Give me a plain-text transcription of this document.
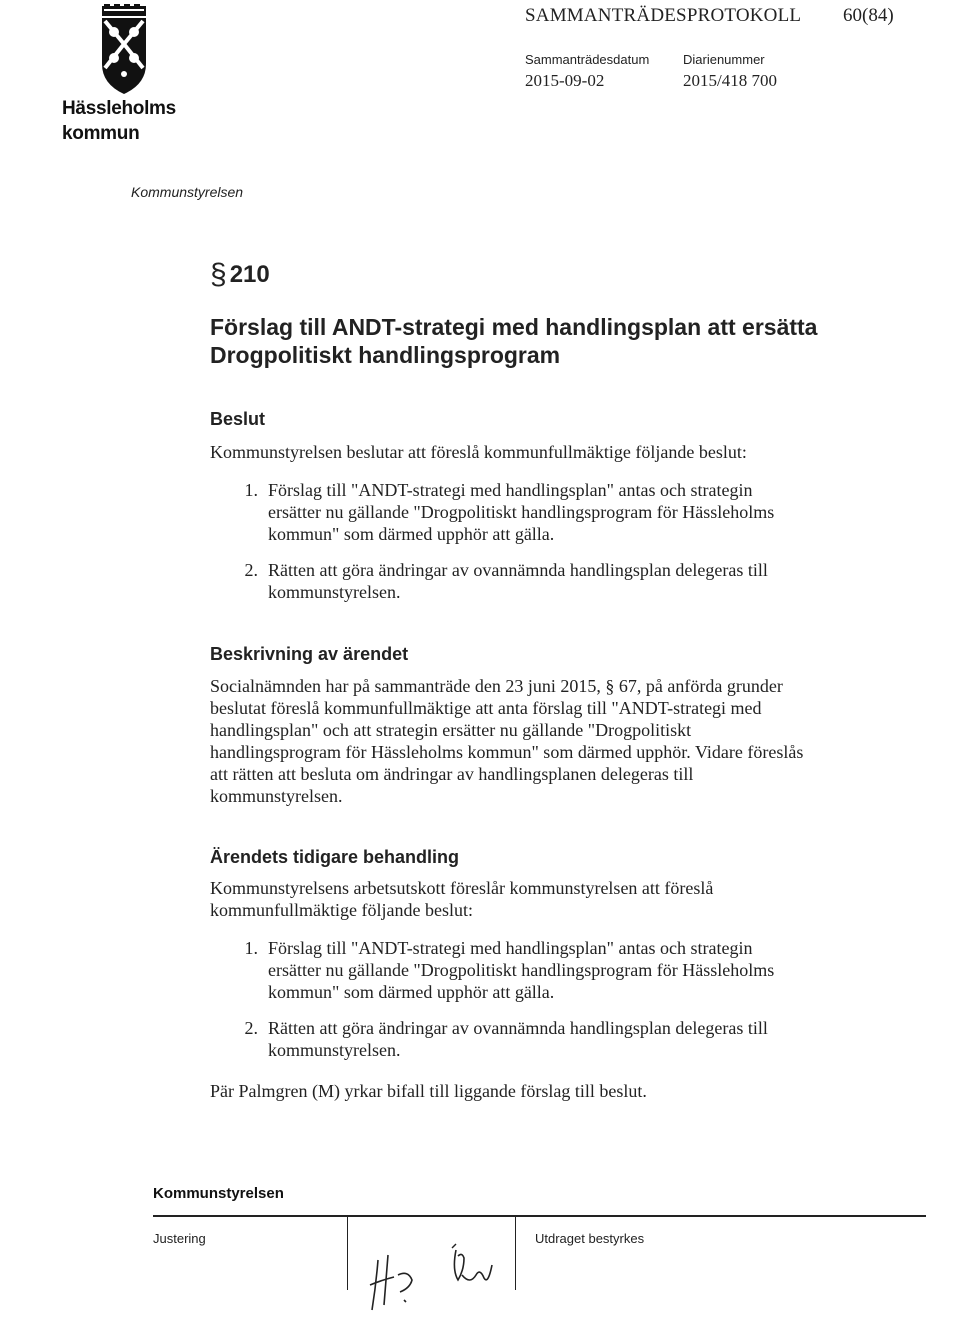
Hässleholms
kommun
SAMMANTRÄDESPROTOKOLL 60(84)
Sammanträdesdatum
2015-09-02
Diarienummer
2015/418 700
Kommunstyrelsen
§ 210
Förslag till ANDT-strategi med handlingsplan att ersätta Drogpolitiskt handlingsprogram
Beslut
Kommunstyrelsen beslutar att föreslå kommunfullmäktige följande beslut:
1. Förslag till "ANDT-strategi med handlingsplan" antas och strategin ersätter nu gällande "Drogpolitiskt handlingsprogram för Hässleholms kommun" som därmed upphör att gälla.
2. Rätten att göra ändringar av ovannämnda handlingsplan delegeras till kommunstyrelsen.
Beskrivning av ärendet
Socialnämnden har på sammanträde den 23 juni 2015, § 67, på anförda grunder beslutat föreslå kommunfullmäktige att anta förslag till "ANDT-strategi med handlingsplan" och att strategin ersätter nu gällande "Drogpolitiskt handlingsprogram för Hässleholms kommun" som därmed upphör. Vidare föreslås att rätten att besluta om ändringar av handlingsplanen delegeras till kommunstyrelsen.
Ärendets tidigare behandling
Kommunstyrelsens arbetsutskott föreslår kommunstyrelsen att föreslå kommunfullmäktige följande beslut:
1. Förslag till "ANDT-strategi med handlingsplan" antas och strategin ersätter nu gällande "Drogpolitiskt handlingsprogram för Hässleholms kommun" som därmed upphör att gälla.
2. Rätten att göra ändringar av ovannämnda handlingsplan delegeras till kommunstyrelsen.
Pär Palmgren (M) yrkar bifall till liggande förslag till beslut.
Kommunstyrelsen
Justering	Utdraget bestyrkes
